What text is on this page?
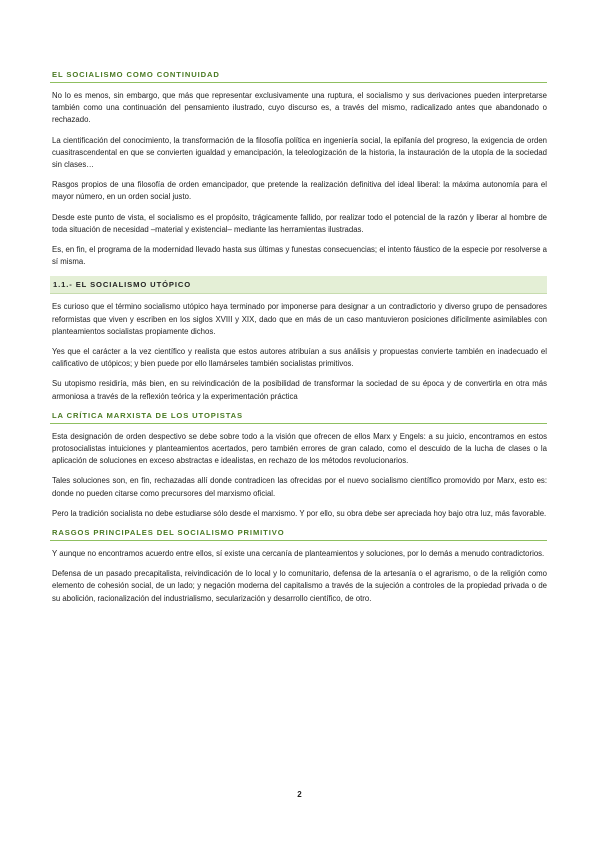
EL SOCIALISMO COMO CONTINUIDAD

No lo es menos, sin embargo, que más que representar exclusivamente una ruptura, el socialismo y sus derivaciones pueden interpretarse también como una continuación del pensamiento ilustrado, cuyo discurso es, a través del mismo, radicalizado antes que abandonado o rechazado.

La cientificación del conocimiento, la transformación de la filosofía política en ingeniería social, la epifanía del progreso, la exigencia de orden cuasitrascendental en que se convierten igualdad y emancipación, la teleologización de la historia, la instauración de la utopía de la sociedad sin clases…

Rasgos propios de una filosofía de orden emancipador, que pretende la realización definitiva del ideal liberal: la máxima autonomía para el mayor número, en un orden social justo.

Desde este punto de vista, el socialismo es el propósito, trágicamente fallido, por realizar todo el potencial de la razón y liberar al hombre de toda situación de necesidad –material y existencial– mediante las herramientas ilustradas.

Es, en fin, el programa de la modernidad llevado hasta sus últimas y funestas consecuencias; el intento fáustico de la especie por resolverse a sí misma.

1.1.- EL SOCIALISMO UTÓPICO

Es curioso que el término socialismo utópico haya terminado por imponerse para designar a un contradictorio y diverso grupo de pensadores reformistas que viven y escriben en los siglos XVIII y XIX, dado que en más de un caso mantuvieron posiciones difícilmente asimilables con planteamientos socialistas propiamente dichos.

Yes que el carácter a la vez científico y realista que estos autores atribuían a sus análisis y propuestas convierte también en inadecuado el calificativo de utópicos; y bien puede por ello llamárseles también socialistas primitivos.

Su utopismo residiría, más bien, en su reivindicación de la posibilidad de transformar la sociedad de su época y de convertirla en otra más armoniosa a través de la reflexión teórica y la experimentación práctica

LA CRÍTICA MARXISTA DE LOS UTOPISTAS

Esta designación de orden despectivo se debe sobre todo a la visión que ofrecen de ellos Marx y Engels: a su juicio, encontramos en estos protosocialistas intuiciones y planteamientos acertados, pero también errores de gran calado, como el descuido de la lucha de clases o la aplicación de soluciones en exceso abstractas e idealistas, en rechazo de los métodos revolucionarios.

Tales soluciones son, en fin, rechazadas allí donde contradicen las ofrecidas por el nuevo socialismo científico promovido por Marx, esto es: donde no pueden citarse como precursores del marxismo oficial.

Pero la tradición socialista no debe estudiarse sólo desde el marxismo. Y por ello, su obra debe ser apreciada hoy bajo otra luz, más favorable.

RASGOS PRINCIPALES DEL SOCIALISMO PRIMITIVO

Y aunque no encontramos acuerdo entre ellos, sí existe una cercanía de planteamientos y soluciones, por lo demás a menudo contradictorios.

Defensa de un pasado precapitalista, reivindicación de lo local y lo comunitario, defensa de la artesanía o el agrarismo, o de la religión como elemento de cohesión social, de un lado; y negación moderna del capitalismo a través de la sujeción a controles de la propiedad privada o de su abolición, racionalización del industrialismo, secularización y desarrollo científico, de otro.

2
